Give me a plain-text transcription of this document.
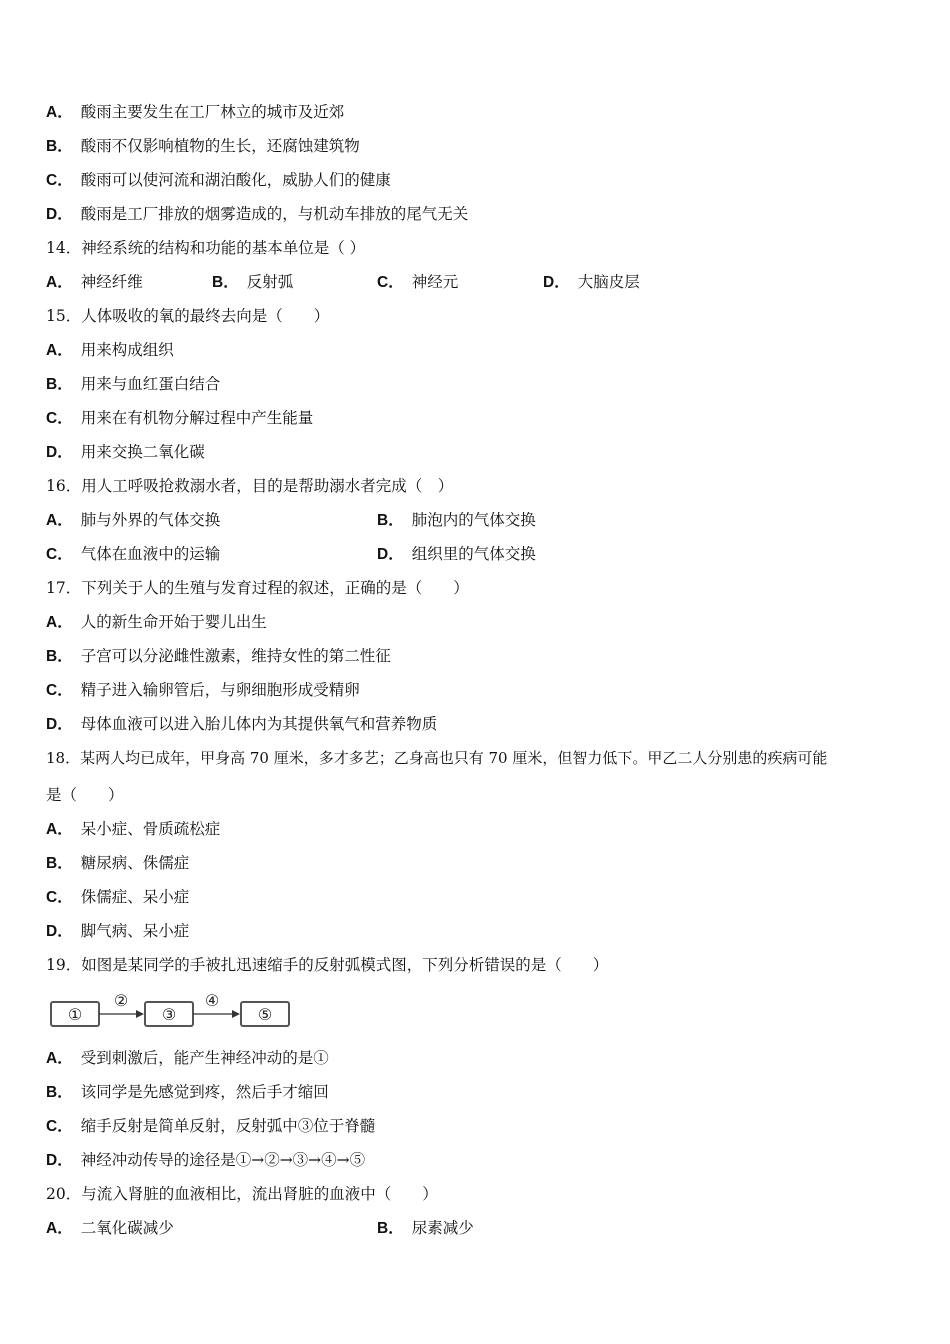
A． 酸雨主要发生在工厂林立的城市及近郊
B． 酸雨不仅影响植物的生长，还腐蚀建筑物
C． 酸雨可以使河流和湖泊酸化，威胁人们的健康
D． 酸雨是工厂排放的烟雾造成的，与机动车排放的尾气无关
14．神经系统的结构和功能的基本单位是（ ）
A． 神经纤维	B． 反射弧	C． 神经元	D． 大脑皮层
15．人体吸收的氧的最终去向是（　　）
A． 用来构成组织
B． 用来与血红蛋白结合
C． 用来在有机物分解过程中产生能量
D． 用来交换二氧化碳
16．用人工呼吸抢救溺水者，目的是帮助溺水者完成（　）
A． 肺与外界的气体交换	B． 肺泡内的气体交换
C． 气体在血液中的运输	D． 组织里的气体交换
17．下列关于人的生殖与发育过程的叙述，正确的是（　　）
A． 人的新生命开始于婴儿出生
B． 子宫可以分泌雌性激素，维持女性的第二性征
C． 精子进入输卵管后，与卵细胞形成受精卵
D． 母体血液可以进入胎儿体内为其提供氧气和营养物质
18．某两人均已成年，甲身高 70 厘米，多才多艺；乙身高也只有 70 厘米，但智力低下。甲乙二人分别患的疾病可能
是（　　）
A． 呆小症、骨质疏松症
B． 糖尿病、侏儒症
C． 侏儒症、呆小症
D． 脚气病、呆小症
19．如图是某同学的手被扎迅速缩手的反射弧模式图，下列分析错误的是（　　）
①
②
③
④
⑤
A． 受到刺激后，能产生神经冲动的是①
B． 该同学是先感觉到疼，然后手才缩回
C． 缩手反射是简单反射，反射弧中③位于脊髓
D． 神经冲动传导的途径是①→②→③→④→⑤
20．与流入肾脏的血液相比，流出肾脏的血液中（　　）
A． 二氧化碳减少	B． 尿素减少
